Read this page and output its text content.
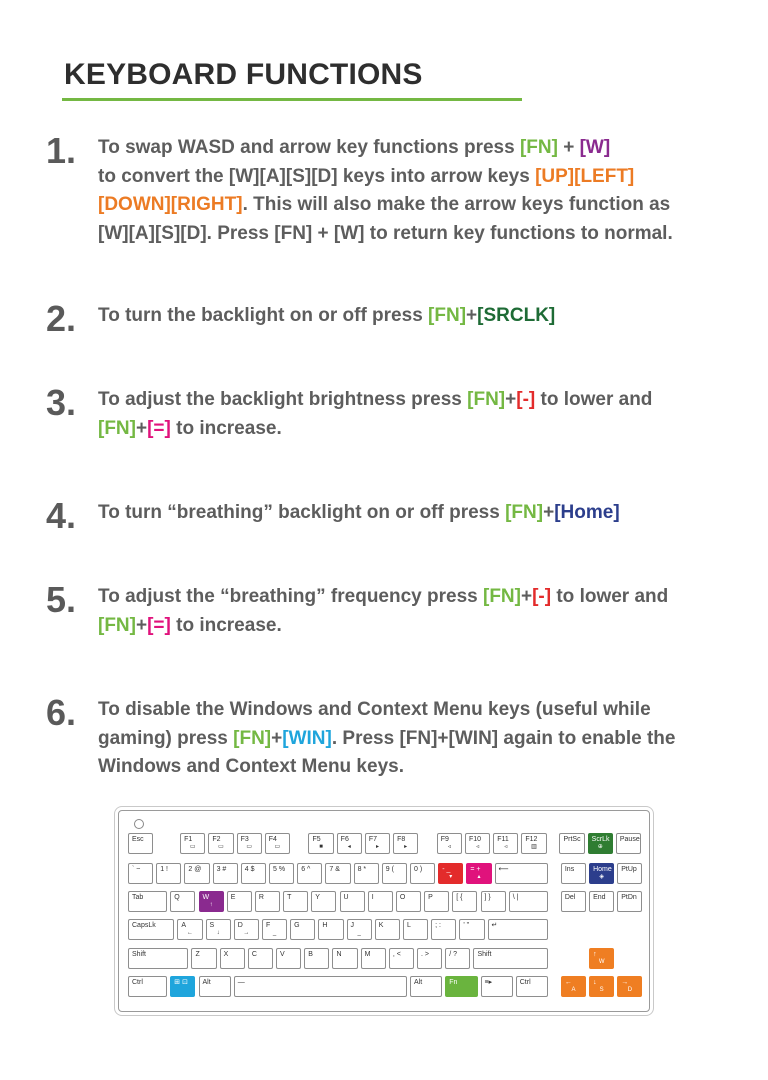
KEYBOARD FUNCTIONS
1. To swap WASD and arrow key functions press [FN] + [W]
to convert the [W][A][S][D] keys into arrow keys [UP][LEFT]
[DOWN][RIGHT]. This will also make the arrow keys function as
[W][A][S][D]. Press [FN] + [W] to return key functions to normal.
2. To turn the backlight on or off press [FN]+[SRCLK]
3. To adjust the backlight brightness press [FN]+[-] to lower and
[FN]+[=] to increase.
4. To turn “breathing” backlight on or off press [FN]+[Home]
5. To adjust the “breathing” frequency press [FN]+[-] to lower and
[FN]+[=] to increase.
6. To disable the Windows and Context Menu keys (useful while
gaming) press [FN]+[WIN]. Press [FN]+[WIN] again to enable the
Windows and Context Menu keys.
Esc	F1
▭
F2
▭
F3
▭
F4
▭
F5
■
F6
◂
F7
▸
F8
▸
F9
◃
F10
◃
F11
◃
F12
▥
PrtSc ScrLk
⊕
Pause
` ~	1 !	2 @ 3 #	4 $	5 % 6 ^	7 &	8 *	9 (	0 )	- _
▾
= +
▴
⟵	Ins	Home
◈
PtUp
Tab	Q	W
↑
E	R	T	Y	U	I	O	P	[ {	] }	\ |	Del	End PtDn
CapsLk	A
←
S
↓
D
→
F
_
G	H	J
_
K	L	; :	' "	↵
Shift	Z	X	C	V	B	N	M	, <	. >	/ ?	Shift	↑
W
Ctrl	⊞ ⊡ Alt	—	Alt	Fn	≡▸	Ctrl	←
A
↓
S
→
D
